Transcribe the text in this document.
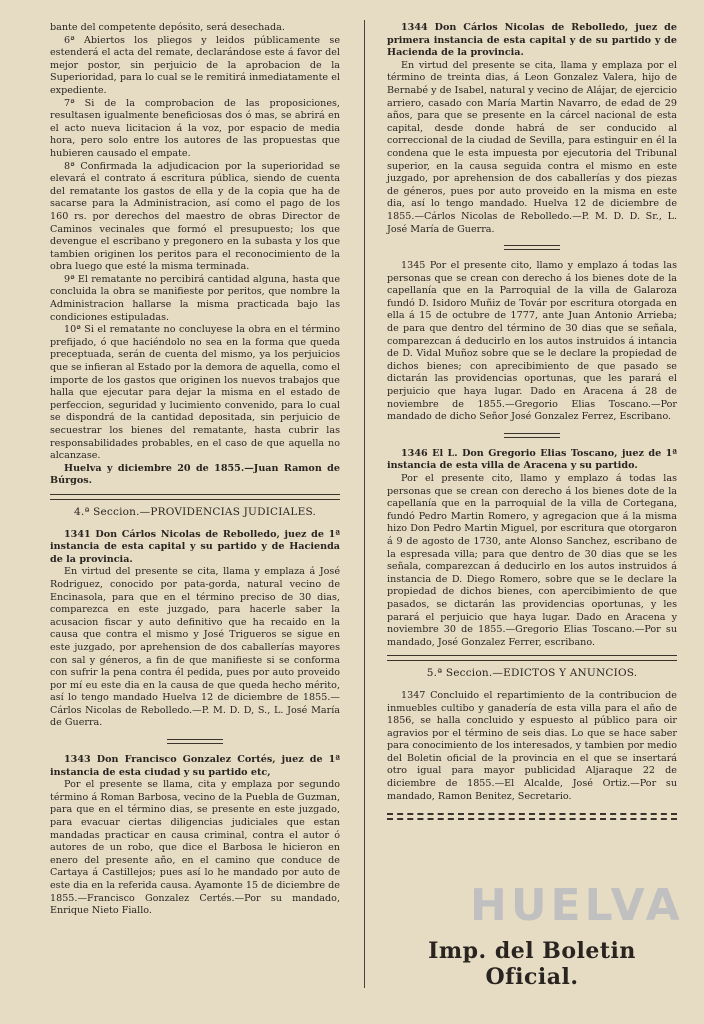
bante del competente depósito, será desechada.

6ª Abiertos los pliegos y leidos públicamente se estenderá el acta del remate, declarándose este á favor del mejor postor, sin perjuicio de la aprobacion de la Superioridad, para lo cual se le remitirá inmediatamente el expediente.

7ª Si de la comprobacion de las proposiciones, resultasen igualmente beneficiosas dos ó mas, se abrirá en el acto nueva licitacion á la voz, por espacio de media hora, pero solo entre los autores de las propuestas que hubieren causado el empate.

8ª Confirmada la adjudicacion por la superioridad se elevará el contrato á escritura pública, siendo de cuenta del rematante los gastos de ella y de la copia que ha de sacarse para la Administracion, así como el pago de los 160 rs. por derechos del maestro de obras Director de Caminos vecinales que formó el presupuesto; los que devengue el escribano y pregonero en la subasta y los que tambien originen los peritos para el reconocimiento de la obra luego que esté la misma terminada.

9ª El rematante no percibirá cantidad alguna, hasta que concluida la obra se manifieste por peritos, que nombre la Administracion hallarse la misma practicada bajo las condiciones estipuladas.

10ª Si el rematante no concluyese la obra en el término prefijado, ó que haciéndolo no sea en la forma que queda preceptuada, serán de cuenta del mismo, ya los perjuicios que se infieran al Estado por la demora de aquella, como el importe de los gastos que originen los nuevos trabajos que halla que ejecutar para dejar la misma en el estado de perfeccion, seguridad y lucimiento convenido, para lo cual se dispondrá de la cantidad depositada, sin perjuicio de secuestrar los bienes del rematante, hasta cubrir las responsabilidades probables, en el caso de que aquella no alcanzase.

Huelva y diciembre 20 de 1855.—Juan Ramon de Búrgos.

4.ª Seccion.—PROVIDENCIAS JUDICIALES.

1341 Don Cárlos Nicolas de Rebolledo, juez de 1ª instancia de esta capital y su partido y de Hacienda de la provincia.

En virtud del presente se cita, llama y emplaza á José Rodriguez, conocido por pata-gorda, natural vecino de Encinasola, para que en el término preciso de 30 dias, comparezca en este juzgado, para hacerle saber la acusacion fiscar y auto definitivo que ha recaido en la causa que contra el mismo y José Trigueros se sigue en este juzgado, por aprehension de dos caballerías mayores con sal y géneros, a fin de que manifieste si se conforma con sufrir la pena contra él pedida, pues por auto proveido por mí eu este dia en la causa de que queda hecho mérito, así lo tengo mandado Huelva 12 de diciembre de 1855.—Cárlos Nicolas de Rebolledo.—P. M. D. D, S., L. José María de Guerra.

1343 Don Francisco Gonzalez Cortés, juez de 1ª instancia de esta ciudad y su partido etc,

Por el presente se llama, cita y emplaza por segundo término á Roman Barbosa, vecino de la Puebla de Guzman, para que en el término dias, se presente en este juzgado, para evacuar ciertas diligencias judiciales que estan mandadas practicar en causa criminal, contra el autor ó autores de un robo, que dice el Barbosa le hicieron en enero del presente año, en el camino que conduce de Cartaya á Castillejos; pues así lo he mandado por auto de este dia en la referida causa. Ayamonte 15 de diciembre de 1855.—Francisco Gonzalez Certés.—Por su mandado, Enrique Nieto Fiallo.

1344 Don Cárlos Nicolas de Rebolledo, juez de primera instancia de esta capital y de su partido y de Hacienda de la provincia.

En virtud del presente se cita, llama y emplaza por el término de treinta dias, á Leon Gonzalez Valera, hijo de Bernabé y de Isabel, natural y vecino de Alájar, de ejercicio arriero, casado con María Martin Navarro, de edad de 29 años, para que se presente en la cárcel nacional de esta capital, desde donde habrá de ser conducido al correccional de la ciudad de Sevilla, para estinguir en él la condena que le esta impuesta por ejecutoria del Tribunal superior, en la causa seguida contra el mismo en este juzgado, por aprehension de dos caballerías y dos piezas de géneros, pues por auto proveido en la misma en este dia, así lo tengo mandado. Huelva 12 de diciembre de 1855.—Cárlos Nicolas de Rebolledo.—P. M. D. D. Sr., L. José María de Guerra.

1345 Por el presente cito, llamo y emplazo á todas las personas que se crean con derecho á los bienes dote de la capellanía que en la Parroquial de la villa de Galaroza fundó D. Isidoro Muñiz de Továr por escritura otorgada en ella á 15 de octubre de 1777, ante Juan Antonio Arrieba; de para que dentro del término de 30 dias que se señala, comparezcan á deducirlo en los autos instruidos á intancia de D. Vidal Muñoz sobre que se le declare la propiedad de dichos bienes; con aprecibimiento de que pasado se dictarán las providencias oportunas, que les parará el perjuicio que haya lugar. Dado en Aracena á 28 de noviembre de 1855.—Gregorio Elias Toscano.—Por mandado de dicho Señor José Gonzalez Ferrez, Escribano.

1346 El L. Don Gregorio Elias Toscano, juez de 1ª instancia de esta villa de Aracena y su partido.

Por el presente cito, llamo y emplazo á todas las personas que se crean con derecho á los bienes dote de la capellanía que en la parroquial de la villa de Cortegana, fundó Pedro Martin Romero, y agregacion que á la misma hizo Don Pedro Martin Miguel, por escritura que otorgaron á 9 de agosto de 1730, ante Alonso Sanchez, escribano de la espresada villa; para que dentro de 30 dias que se les señala, comparezcan á deducirlo en los autos instruidos á instancia de D. Diego Romero, sobre que se le declare la propiedad de dichos bienes, con apercibimiento de que pasados, se dictarán las providencias oportunas, y les parará el perjuicio que haya lugar. Dado en Aracena y noviembre 30 de 1855.—Gregorio Elias Toscano.—Por su mandado, José Gonzalez Ferrer, escribano.

5.ª Seccion.—EDICTOS Y ANUNCIOS.

1347 Concluido el repartimiento de la contribucion de inmuebles cultibo y ganadería de esta villa para el año de 1856, se halla concluido y espuesto al público para oir agravios por el término de seis dias. Lo que se hace saber para conocimiento de los interesados, y tambien por medio del Boletin oficial de la provincia en el que se insertará otro igual para mayor publicidad Aljaraque 22 de diciembre de 1855.—El Alcalde, José Ortiz.—Por su mandado, Ramon Benitez, Secretario.

HUELVA
Imp. del Boletin Oficial.
